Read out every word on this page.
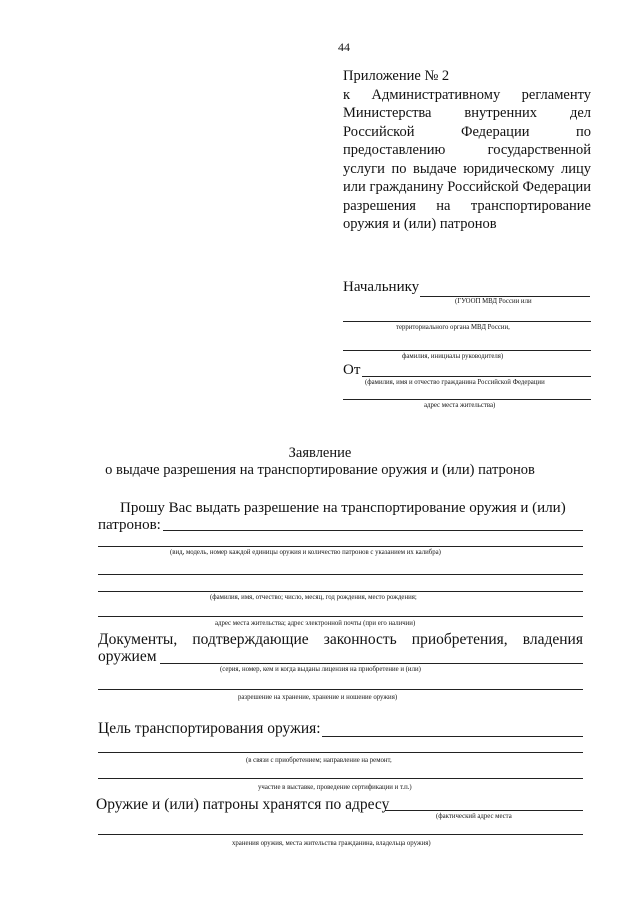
44
Приложение № 2
к Административному регламенту Министерства внутренних дел Российской Федерации по предоставлению государственной услуги по выдаче юридическому лицу или гражданину Российской Федерации разрешения на транспортирование оружия и (или) патронов
Начальнику
(ГУООП МВД России или
территориального органа МВД России,
фамилия, инициалы руководителя)
От
(фамилия, имя и отчество гражданина Российской Федерации
адрес места жительства)
Заявление
о выдаче разрешения на транспортирование оружия и (или) патронов
Прошу Вас выдать разрешение на транспортирование оружия и (или)
патронов:
(вид, модель, номер каждой единицы оружия и количество патронов с указанием их калибра)
(фамилия, имя, отчество; число, месяц, год рождения, место рождения;
адрес места жительства; адрес электронной почты (при его наличии)
Документы, подтверждающие законность приобретения, владения
оружием
(серия, номер, кем и когда выданы лицензия на приобретение и (или)
разрешение на хранение, хранение и ношение оружия)
Цель транспортирования оружия:
(в связи с приобретением; направление на ремонт,
участие в выставке, проведение сертификации и т.п.)
Оружие и (или) патроны хранятся по адресу
(фактический адрес места
хранения оружия, места жительства гражданина, владельца оружия)
